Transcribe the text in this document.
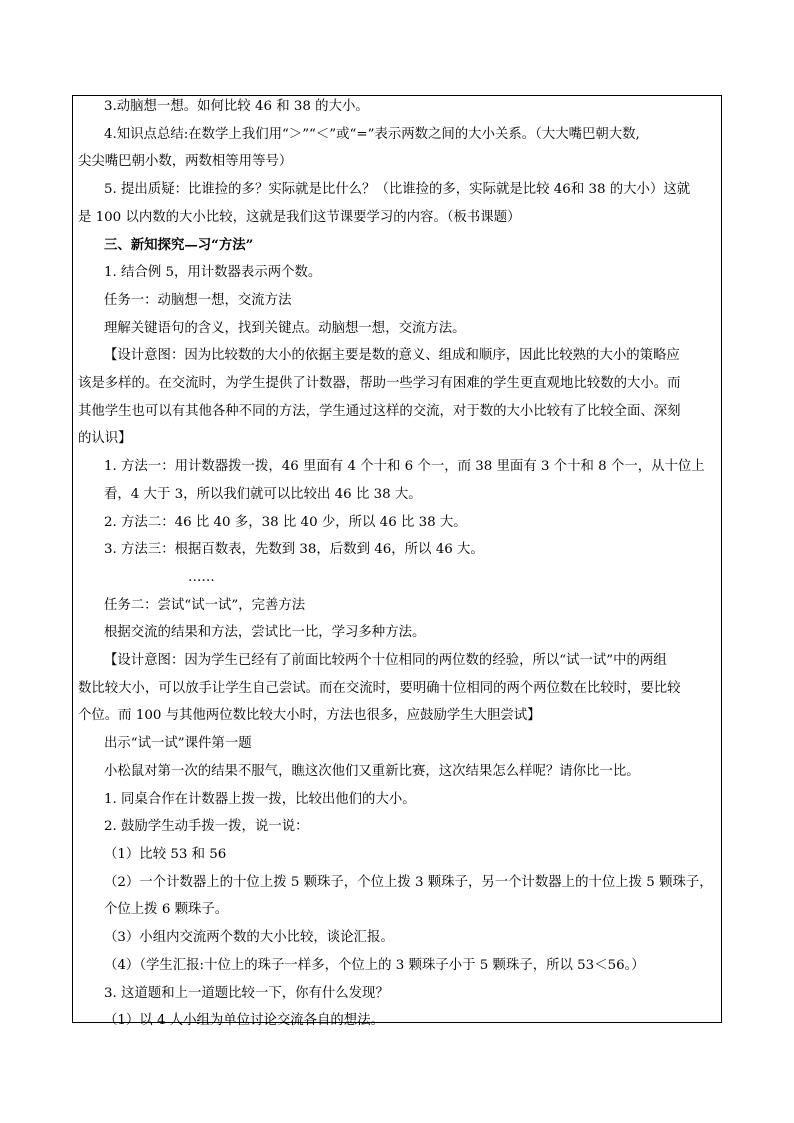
3.动脑想一想。如何比较 46 和 38 的大小。

4.知识点总结:在数学上我们用“＞”“＜”或“=”表示两数之间的大小关系。（大大嘴巴朝大数,

尖尖嘴巴朝小数，两数相等用等号）

5. 提出质疑：比谁捡的多？实际就是比什么？（比谁捡的多，实际就是比较 46和 38 的大小）这就

是 100 以内数的大小比较，这就是我们这节课要学习的内容。（板书课题）

三、新知探究—习“方法”

1. 结合例 5，用计数器表示两个数。

任务一：动脑想一想，交流方法

理解关键语句的含义，找到关键点。动脑想一想，交流方法。

【设计意图：因为比较数的大小的依据主要是数的意义、组成和顺序，因此比较熟的大小的策略应

该是多样的。在交流时，为学生提供了计数器，帮助一些学习有困难的学生更直观地比较数的大小。而

其他学生也可以有其他各种不同的方法，学生通过这样的交流，对于数的大小比较有了比较全面、深刻

的认识】

1. 方法一：用计数器拨一拨，46 里面有 4 个十和 6 个一，而 38 里面有 3 个十和 8 个一，从十位上

看，4 大于 3，所以我们就可以比较出 46 比 38 大。

2. 方法二：46 比 40 多，38 比 40 少，所以 46 比 38 大。

3. 方法三：根据百数表，先数到 38，后数到 46，所以 46 大。

……

任务二：尝试“试一试”，完善方法

根据交流的结果和方法，尝试比一比，学习多种方法。

【设计意图：因为学生已经有了前面比较两个十位相同的两位数的经验，所以“试一试”中的两组

数比较大小，可以放手让学生自己尝试。而在交流时，要明确十位相同的两个两位数在比较时，要比较

个位。而 100 与其他两位数比较大小时，方法也很多，应鼓励学生大胆尝试】

出示“试一试”课件第一题

小松鼠对第一次的结果不服气，瞧这次他们又重新比赛，这次结果怎么样呢？请你比一比。

1. 同桌合作在计数器上拨一拨，比较出他们的大小。

2. 鼓励学生动手拨一拨，说一说：

（1）比较 53 和 56

（2）一个计数器上的十位上拨 5 颗珠子，个位上拨 3 颗珠子，另一个计数器上的十位上拨 5 颗珠子，

个位上拨 6 颗珠子。

（3）小组内交流两个数的大小比较，谈论汇报。

（4）（学生汇报:十位上的珠子一样多，个位上的 3 颗珠子小于 5 颗珠子，所以 53＜56。）

3. 这道题和上一道题比较一下，你有什么发现？

（1）以 4 人小组为单位讨论交流各自的想法。
